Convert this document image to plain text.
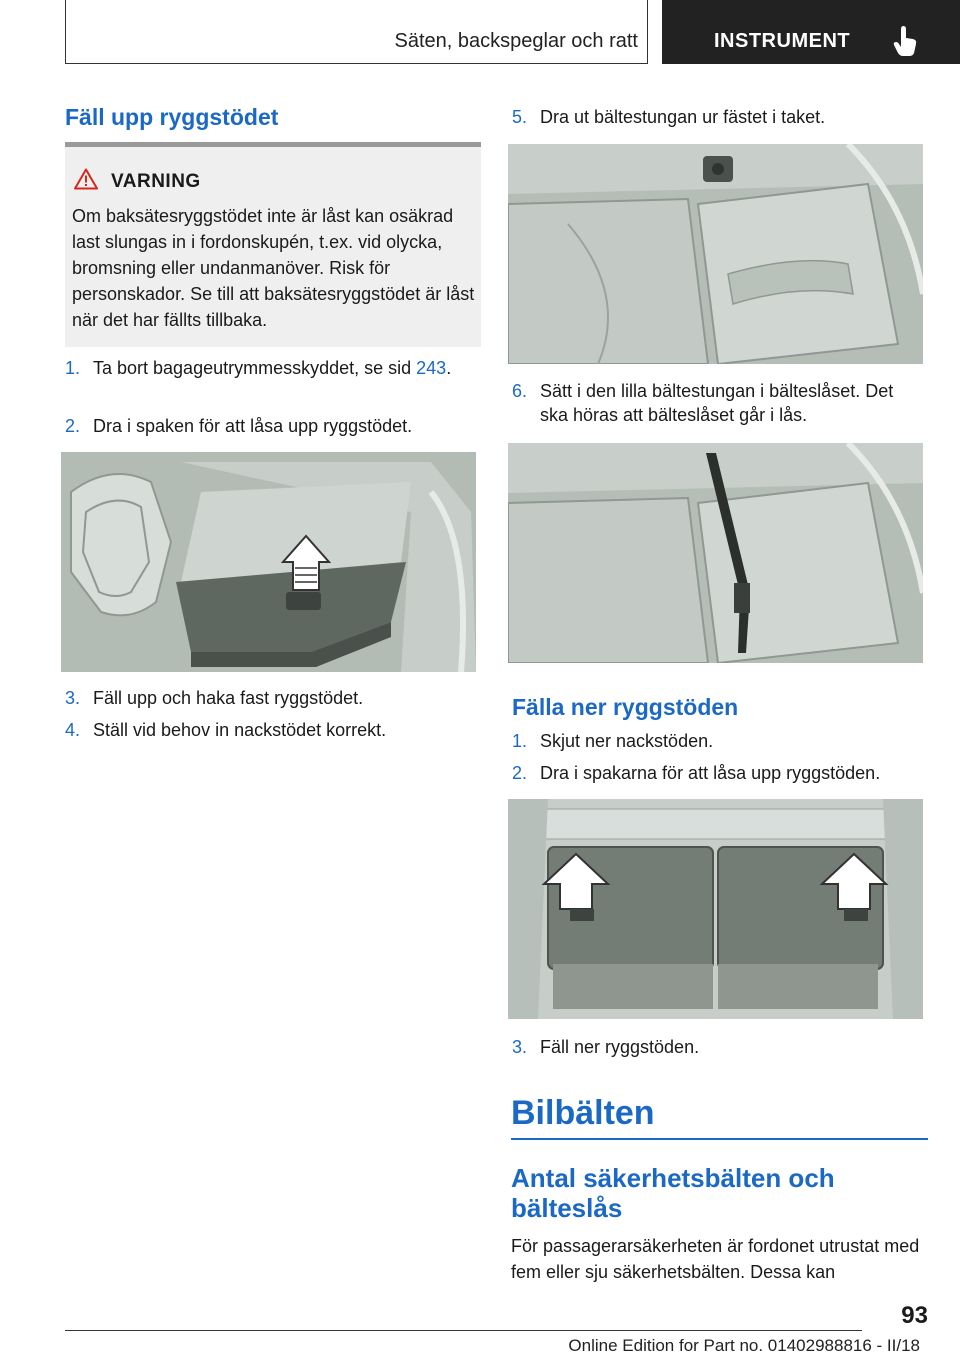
Säten, backspeglar och ratt	INSTRUMENT
Fäll upp ryggstödet
VARNING
Om baksätesryggstödet inte är låst kan osäkrad last slungas in i fordonskupén, t.ex. vid olycka, bromsning eller undanmanöver. Risk för personskador. Se till att baksätesryggstödet är låst när det har fällts tillbaka.
1. Ta bort bagageutrymmesskyddet, se sid 243.
2. Dra i spaken för att låsa upp ryggstödet.
3. Fäll upp och haka fast ryggstödet.
4. Ställ vid behov in nackstödet korrekt.
5. Dra ut bältestungan ur fästet i taket.
6. Sätt i den lilla bältestungan i bälteslåset. Det ska höras att bälteslåset går i lås.
Fälla ner ryggstöden
1. Skjut ner nackstöden.
2. Dra i spakarna för att låsa upp ryggstöden.
3. Fäll ner ryggstöden.
Bilbälten
Antal säkerhetsbälten och bälteslås
För passagerarsäkerheten är fordonet utrustat med fem eller sju säkerhetsbälten. Dessa kan
93
Online Edition for Part no. 01402988816 - II/18
